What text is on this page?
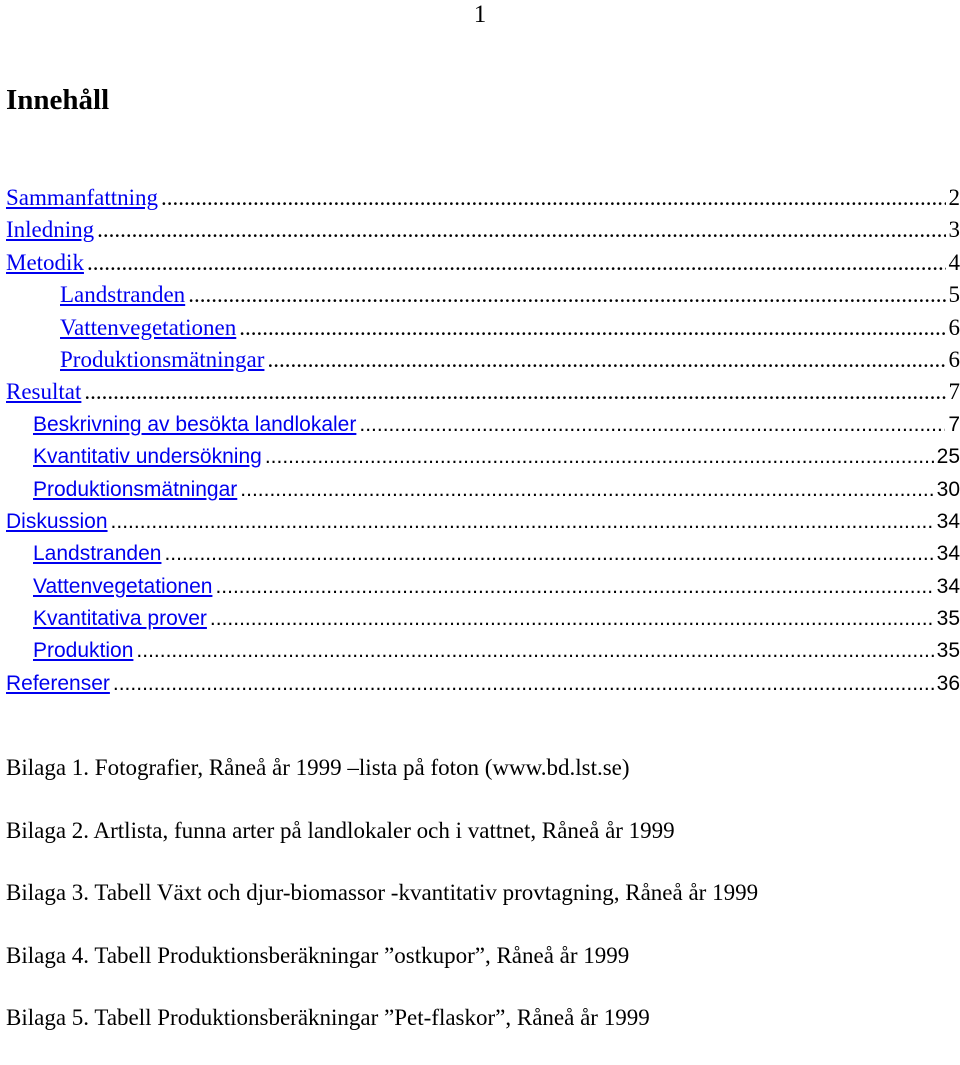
1
Innehåll
Sammanfattning .....	2
Inledning .....	3
Metodik .....	4
Landstranden .....	5
Vattenvegetationen .....	6
Produktionsmätningar .....	6
Resultat .....	7
Beskrivning av besökta landlokaler .....	7
Kvantitativ undersökning .....	25
Produktionsmätningar .....	30
Diskussion .....	34
Landstranden .....	34
Vattenvegetationen .....	34
Kvantitativa prover .....	35
Produktion .....	35
Referenser .....	36

Bilaga 1. Fotografier, Råneå år 1999 –lista på foton (www.bd.lst.se)

Bilaga 2. Artlista, funna arter på landlokaler och i vattnet, Råneå år 1999

Bilaga 3. Tabell Växt och djur-biomassor -kvantitativ provtagning, Råneå år 1999

Bilaga 4. Tabell Produktionsberäkningar ”ostkupor”, Råneå år 1999

Bilaga 5. Tabell Produktionsberäkningar ”Pet-flaskor”, Råneå år 1999
